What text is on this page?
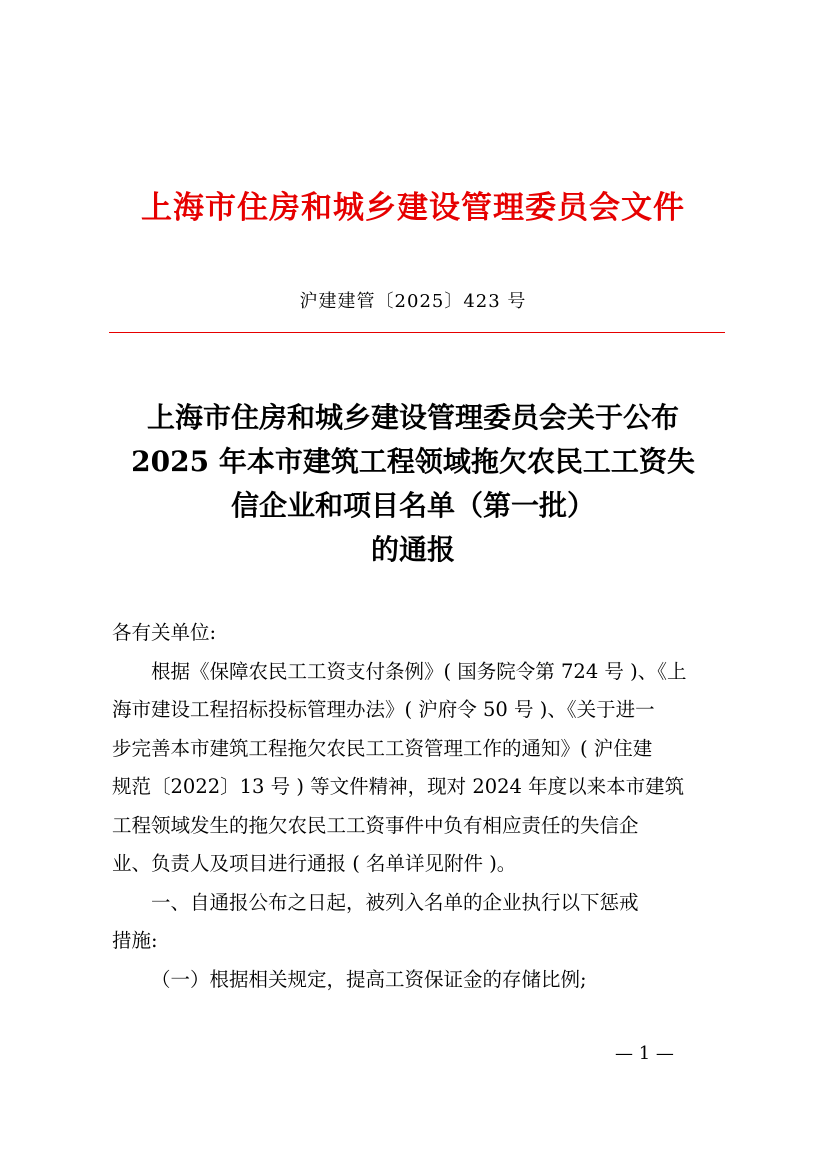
上海市住房和城乡建设管理委员会文件
沪建建管〔2025〕423 号
上海市住房和城乡建设管理委员会关于公布
2025 年本市建筑工程领域拖欠农民工工资失
信企业和项目名单（第一批）
的通报

各有关单位:

根据《保障农民工工资支付条例》( 国务院令第 724 号 )、《上
海市建设工程招标投标管理办法》( 沪府令 50 号 )、《关于进一
步完善本市建筑工程拖欠农民工工资管理工作的通知》( 沪住建
规范〔2022〕13 号 ) 等文件精神，现对 2024 年度以来本市建筑
工程领域发生的拖欠农民工工资事件中负有相应责任的失信企
业、负责人及项目进行通报 ( 名单详见附件 )。

一、自通报公布之日起，被列入名单的企业执行以下惩戒
措施:

（一）根据相关规定，提高工资保证金的存储比例;

— 1 —
